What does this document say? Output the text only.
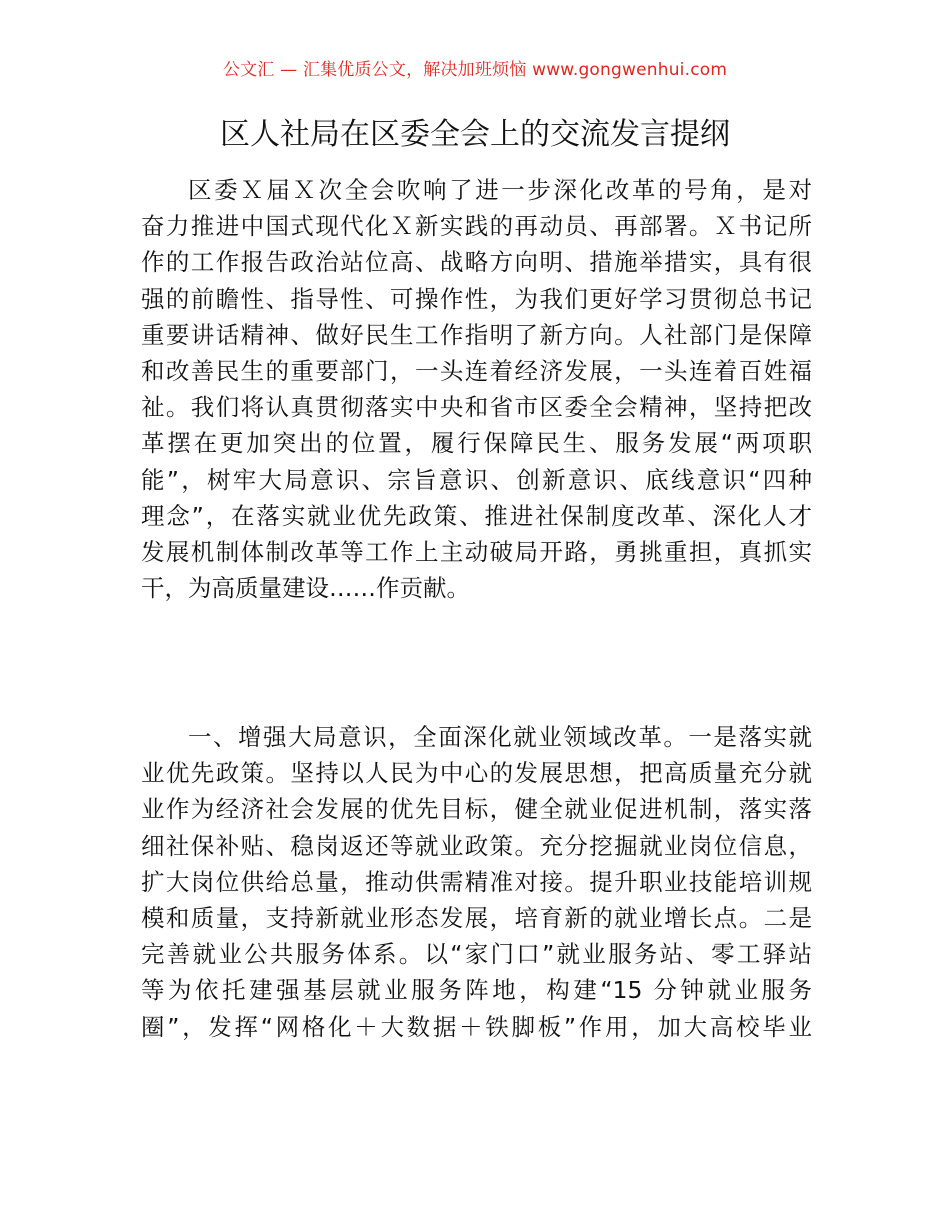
公文汇 — 汇集优质公文，解决加班烦恼 www.gongwenhui.com
区人社局在区委全会上的交流发言提纲
区委Ｘ届Ｘ次全会吹响了进一步深化改革的号角，是对
奋力推进中国式现代化Ｘ新实践的再动员、再部署。Ｘ书记所
作的工作报告政治站位高、战略方向明、措施举措实，具有很
强的前瞻性、指导性、可操作性，为我们更好学习贯彻总书记
重要讲话精神、做好民生工作指明了新方向。人社部门是保障
和改善民生的重要部门，一头连着经济发展，一头连着百姓福
祉。我们将认真贯彻落实中央和省市区委全会精神，坚持把改
革摆在更加突出的位置，履行保障民生、服务发展“两项职
能”，树牢大局意识、宗旨意识、创新意识、底线意识“四种
理念”，在落实就业优先政策、推进社保制度改革、深化人才
发展机制体制改革等工作上主动破局开路，勇挑重担，真抓实
干，为高质量建设……作贡献。
一、增强大局意识，全面深化就业领域改革。一是落实就
业优先政策。坚持以人民为中心的发展思想，把高质量充分就
业作为经济社会发展的优先目标，健全就业促进机制，落实落
细社保补贴、稳岗返还等就业政策。充分挖掘就业岗位信息，
扩大岗位供给总量，推动供需精准对接。提升职业技能培训规
模和质量，支持新就业形态发展，培育新的就业增长点。二是
完善就业公共服务体系。以“家门口”就业服务站、零工驿站
等为依托建强基层就业服务阵地，构建“15 分钟就业服务
圈”，发挥“网格化＋大数据＋铁脚板”作用，加大高校毕业
